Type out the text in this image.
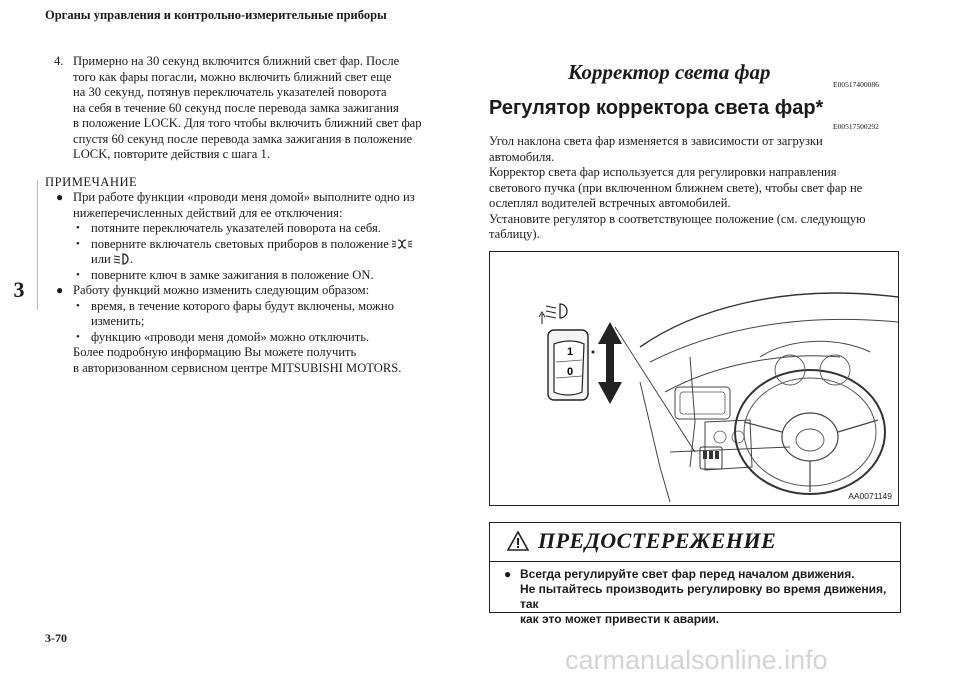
Органы управления и контрольно-измерительные приборы
3
4. Примерно на 30 секунд включится ближний свет фар. После
того как фары погасли, можно включить ближний свет еще
на 30 секунд, потянув переключатель указателей поворота
на себя в течение 60 секунд после перевода замка зажигания
в положение LOCK. Для того чтобы включить ближний свет фар
спустя 60 секунд после перевода замка зажигания в положение
LOCK, повторите действия с шага 1.
ПРИМЕЧАНИЕ
● При работе функции «проводи меня домой» выполните одно из
нижеперечисленных действий для ее отключения:
• потяните переключатель указателей поворота на себя.
• поверните включатель световых приборов в положение
или .
• поверните ключ в замке зажигания в положение ON.
● Работу функций можно изменить следующим образом:
• время, в течение которого фары будут включены, можно
изменить;
• функцию «проводи меня домой» можно отключить.
Более подробную информацию Вы можете получить
в авторизованном сервисном центре MITSUBISHI MOTORS.
Корректор света фар
E00517400086
Регулятор корректора света фар*
E00517500292
Угол наклона света фар изменяется в зависимости от загрузки
автомобиля.
Корректор света фар используется для регулировки направления
светового пучка (при включенном ближнем свете), чтобы свет фар не
ослеплял водителей встречных автомобилей.
Установите регулятор в соответствующее положение (см. следующую
таблицу).
1
0
AA0071149
ПРЕДОСТЕРЕЖЕНИЕ
● Всегда регулируйте свет фар перед началом движения.
Не пытайтесь производить регулировку во время движения, так
как это может привести к аварии.
3-70
carmanualsonline.info
